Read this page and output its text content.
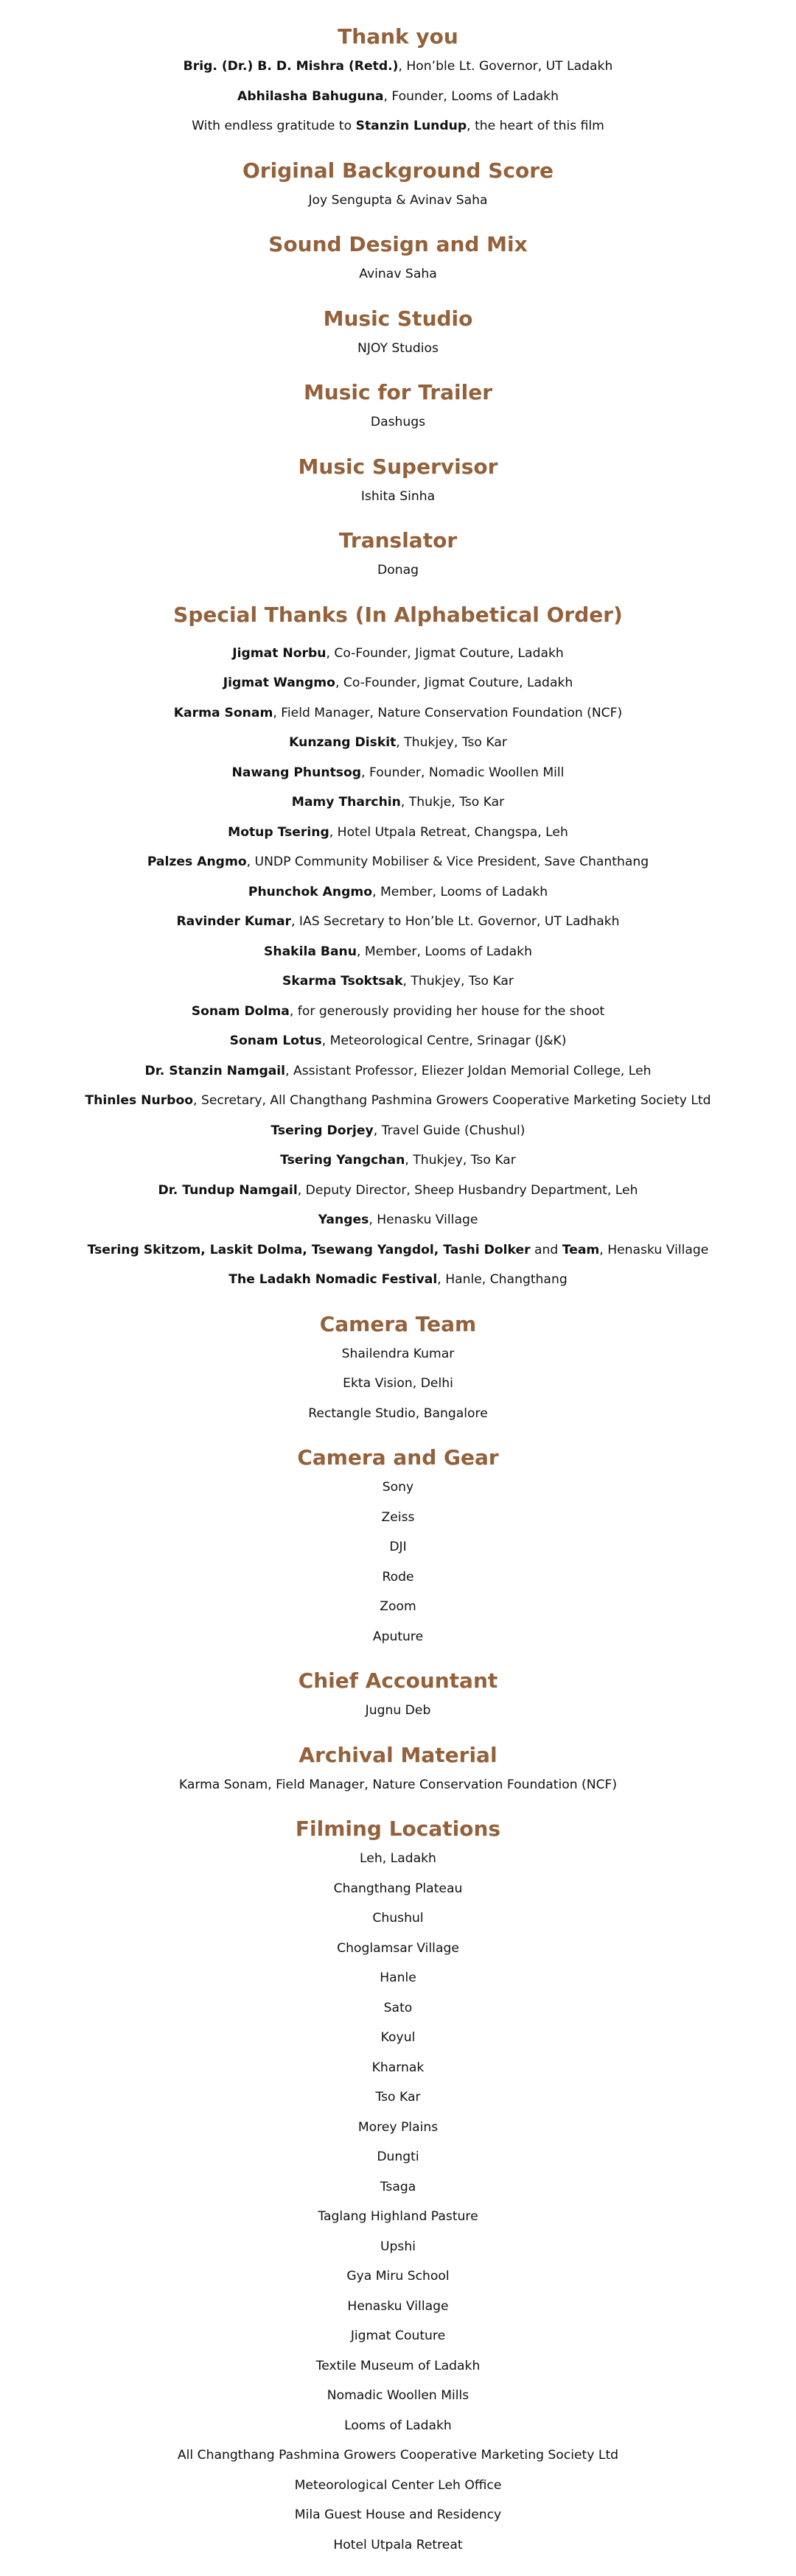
Thank you

Brig. (Dr.) B. D. Mishra (Retd.), Hon’ble Lt. Governor, UT Ladakh

Abhilasha Bahuguna, Founder, Looms of Ladakh

With endless gratitude to Stanzin Lundup, the heart of this film

Original Background Score

Joy Sengupta & Avinav Saha

Sound Design and Mix

Avinav Saha

Music Studio

NJOY Studios

Music for Trailer

Dashugs

Music Supervisor

Ishita Sinha

Translator

Donag

Special Thanks (In Alphabetical Order)

Jigmat Norbu, Co-Founder, Jigmat Couture, Ladakh

Jigmat Wangmo, Co-Founder, Jigmat Couture, Ladakh

Karma Sonam, Field Manager, Nature Conservation Foundation (NCF)

Kunzang Diskit, Thukjey, Tso Kar

Nawang Phuntsog, Founder, Nomadic Woollen Mill

Mamy Tharchin, Thukje, Tso Kar

Motup Tsering, Hotel Utpala Retreat, Changspa, Leh

Palzes Angmo, UNDP Community Mobiliser & Vice President, Save Chanthang

Phunchok Angmo, Member, Looms of Ladakh

Ravinder Kumar, IAS Secretary to Hon’ble Lt. Governor, UT Ladhakh

Shakila Banu, Member, Looms of Ladakh

Skarma Tsoktsak, Thukjey, Tso Kar

Sonam Dolma, for generously providing her house for the shoot

Sonam Lotus, Meteorological Centre, Srinagar (J&K)

Dr. Stanzin Namgail, Assistant Professor, Eliezer Joldan Memorial College, Leh

Thinles Nurboo, Secretary, All Changthang Pashmina Growers Cooperative Marketing Society Ltd

Tsering Dorjey, Travel Guide (Chushul)

Tsering Yangchan, Thukjey, Tso Kar

Dr. Tundup Namgail, Deputy Director, Sheep Husbandry Department, Leh

Yanges, Henasku Village

Tsering Skitzom, Laskit Dolma, Tsewang Yangdol, Tashi Dolker and Team, Henasku Village

The Ladakh Nomadic Festival, Hanle, Changthang

Camera Team

Shailendra Kumar

Ekta Vision, Delhi

Rectangle Studio, Bangalore

Camera and Gear

Sony

Zeiss

DJI

Rode

Zoom

Aputure

Chief Accountant

Jugnu Deb

Archival Material

Karma Sonam, Field Manager, Nature Conservation Foundation (NCF)

Filming Locations

Leh, Ladakh

Changthang Plateau

Chushul

Choglamsar Village

Hanle

Sato

Koyul

Kharnak

Tso Kar

Morey Plains

Dungti

Tsaga

Taglang Highland Pasture

Upshi

Gya Miru School

Henasku Village

Jigmat Couture

Textile Museum of Ladakh

Nomadic Woollen Mills

Looms of Ladakh

All Changthang Pashmina Growers Cooperative Marketing Society Ltd

Meteorological Center Leh Office

Mila Guest House and Residency

Hotel Utpala Retreat
